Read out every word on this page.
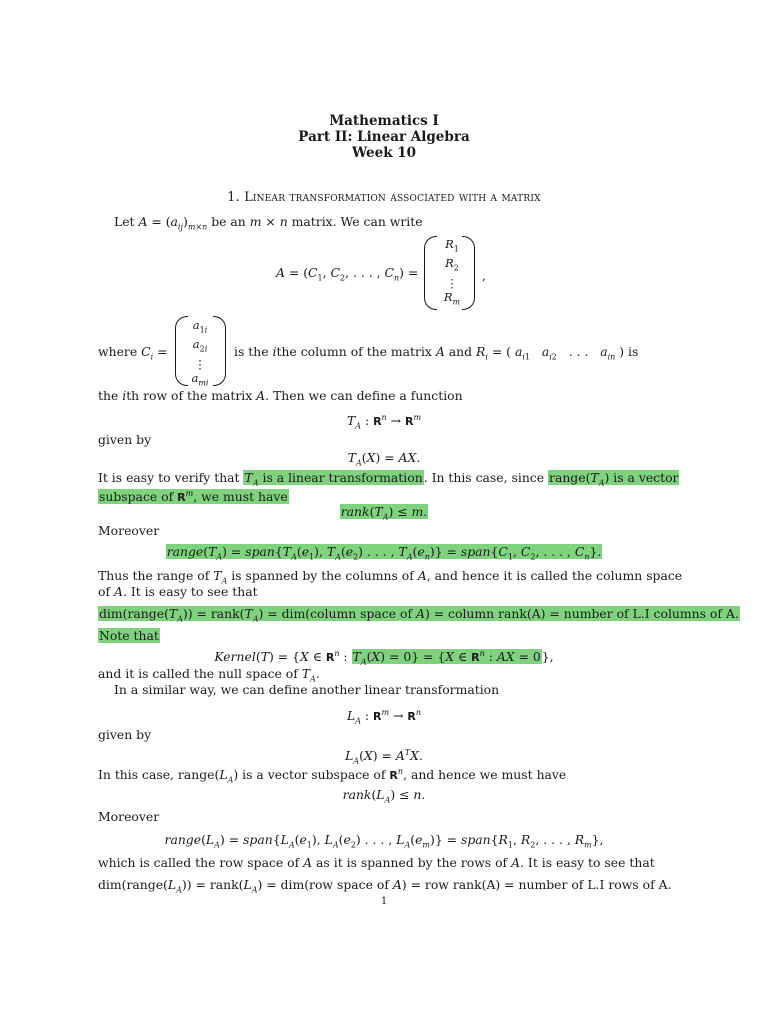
Mathematics I
Part II: Linear Algebra
Week 10
1. Linear transformation associated with a matrix
Let $A = (a_{ij})_{m\times n}$ be an m × n matrix. We can write
$A = (C_1$, $C_2$, . . . , $C_n$) =
$R_1$
$R_2$
⋮
$R_m$
,
where $C_i$ =
$a_{1i}$
$a_{2i}$
⋮
$a_{mi}$
is the ithe column of the matrix A and $R_i$ = ( $a_{i1}$ $a_{i2}$   . . .   $a_{in}$ ) is
the ith row of the matrix A. Then we can define a function
$T_A$ : $R^n \to R^m$
given by
$T_A(X)$ = AX.
It is easy to verify that $T_A$ is a linear transformation. In this case, since $range(T_A)$ is a vector
subspace of $R^m$, we must have
$rank(T_A) \le m$.
Moreover
$range(T_A)$ = $span\{T_A(e_1)$, $T_A(e_2)$ . . . , $T_A(e_n)$} = $span\{C_1$, $C_2$, . . . , $C_n$}.
Thus the range of $T_A$ is spanned by the columns of A, and hence it is called the column space
of A. It is easy to see that
$dim(range(T_A))$ = $rank(T_A)$ = dim(column space of A) = column rank(A) = number of L.I columns of A.
Note that
Kernel(T) = {X ∈ $R^n$ : $T_A(X) = 0\} = \{X$ ∈ $R^n$ : AX = 0},
and it is called the null space of $T_A$.
In a similar way, we can define another linear transformation
$L_A$ : $R^m \to R^n$
given by
$L_A(X) = A^TX$.
In this case, $range(L_A)$ is a vector subspace of $R^n$, and hence we must have
$rank(L_A) \le n$.
Moreover
$range(L_A)$ = $span\{L_A(e_1)$, $L_A(e_2)$ . . . , $L_A(e_m)$} = $span\{R_1$, $R_2$, . . . , $R_m$},
which is called the row space of A as it is spanned by the rows of A. It is easy to see that
$dim(range(L_A))$ = $rank(L_A) = dim(row$ space of A) = row rank(A) = number of L.I rows of A.
1
